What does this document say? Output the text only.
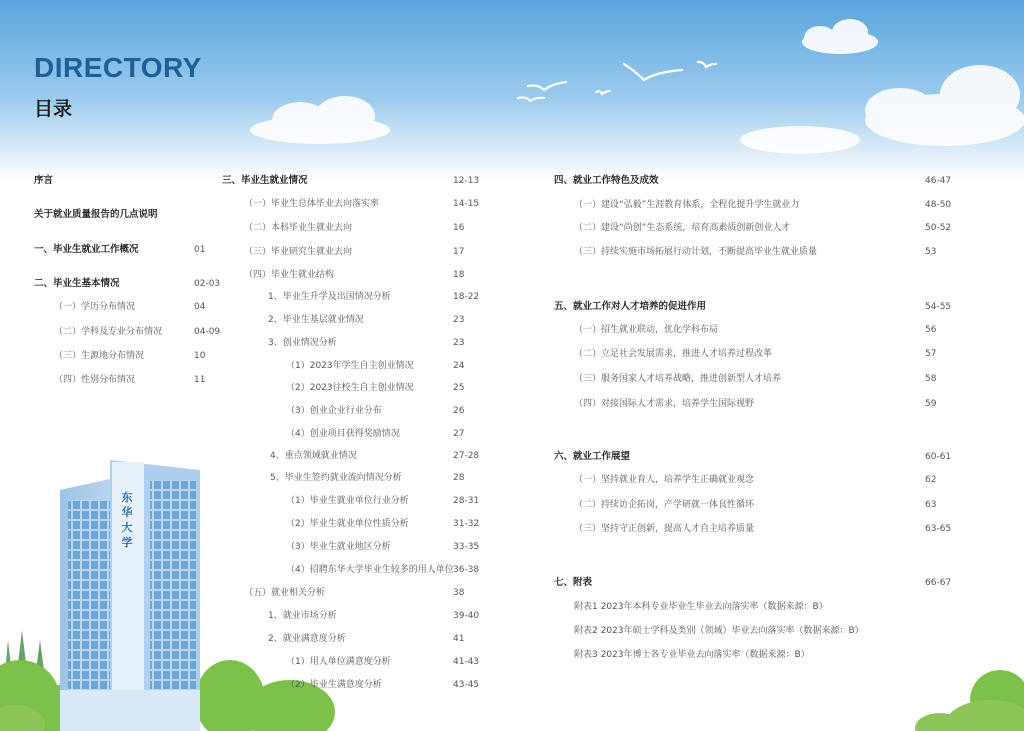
DIRECTORY
目录
东华大学
序言
关于就业质量报告的几点说明
一、毕业生就业工作概况	01
二、毕业生基本情况	02-03
（一）学历分布情况	04
（二）学科及专业分布情况	04-09
（三）生源地分布情况	10
（四）性别分布情况	11
三、毕业生就业情况	12-13
（一）毕业生总体毕业去向落实率	14-15
（二）本科毕业生就业去向	16
（三）毕业研究生就业去向	17
（四）毕业生就业结构	18
1、毕业生升学及出国情况分析	18-22
2、毕业生基层就业情况	23
3、创业情况分析	23
（1）2023年学生自主创业情况	24
（2）2023往校生自主创业情况	25
（3）创业企业行业分布	26
（4）创业项目获得奖励情况	27
4、重点领域就业情况	27-28
5、毕业生签约就业流向情况分析	28
（1）毕业生就业单位行业分析	28-31
（2）毕业生就业单位性质分析	31-32
（3）毕业生就业地区分析	33-35
（4）招聘东华大学毕业生较多的用人单位 36-38
（五）就业相关分析	38
1、就业市场分析	39-40
2、就业满意度分析	41
（1）用人单位满意度分析	41-43
（2）毕业生满意度分析	43-45
四、就业工作特色及成效	46-47
（一）建设“弘毅”生涯教育体系，全程化提升学生就业力	48-50
（二）建设“尚创”生态系统，培育高素质创新创业人才	50-52
（三）持续实施市场拓展行动计划，不断提高毕业生就业质量	53
五、就业工作对人才培养的促进作用	54-55
（一）招生就业联动，优化学科布局	56
（二）立足社会发展需求，推进人才培养过程改革	57
（三）服务国家人才培养战略，推进创新型人才培养	58
（四）对接国际人才需求，培养学生国际视野	59
六、就业工作展望	60-61
（一）坚持就业育人，培养学生正确就业观念	62
（二）持续访企拓岗，产学研就一体良性循环	63
（三）坚持守正创新，提高人才自主培养质量	63-65
七、附表	66-67
附表1 2023年本科专业毕业生毕业去向落实率（数据来源：B）
附表2 2023年硕士学科及类别（领域）毕业去向落实率（数据来源：B）
附表3 2023年博士各专业毕业去向落实率（数据来源：B）
